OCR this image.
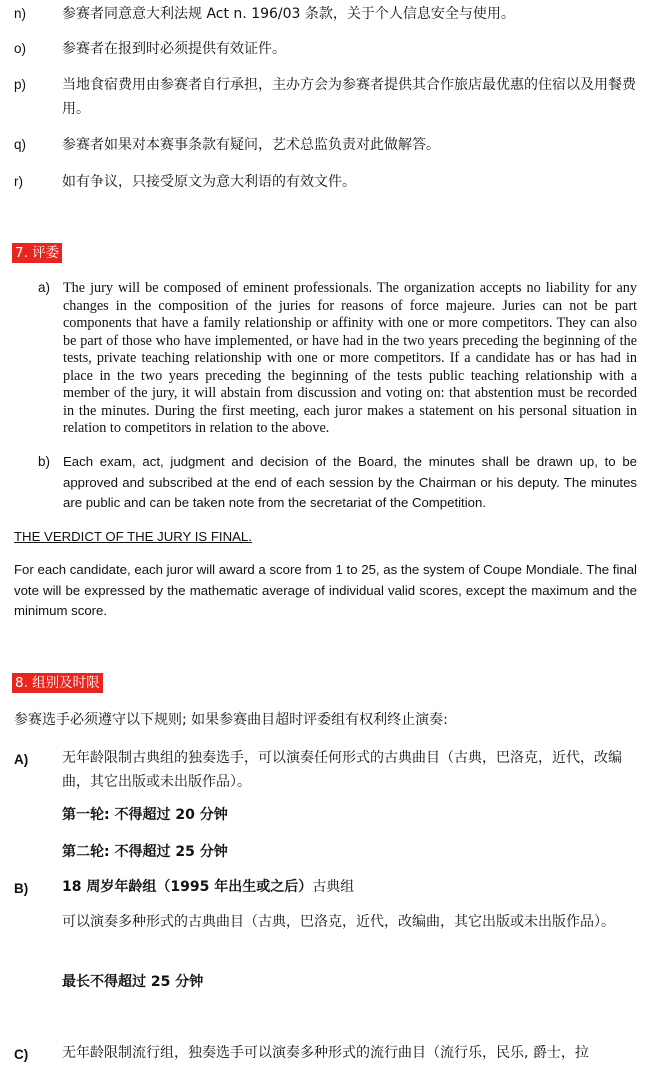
n)	参赛者同意意大利法规 Act n. 196/03 条款，关于个人信息安全与使用。
o)	参赛者在报到时必须提供有效证件。
p)	当地食宿费用由参赛者自行承担，主办方会为参赛者提供其合作旅店最优惠的住宿以及用餐费用。
q)	参赛者如果对本赛事条款有疑问，艺术总监负责对此做解答。
r)	如有争议，只接受原文为意大利语的有效文件。
7. 评委
a) The jury will be composed of eminent professionals. The organization accepts no liability for any changes in the composition of the juries for reasons of force majeure. Juries can not be part components that have a family relationship or affinity with one or more competitors. They can also be part of those who have implemented, or have had in the two years preceding the beginning of the tests, private teaching relationship with one or more competitors. If a candidate has or has had in place in the two years preceding the beginning of the tests public teaching relationship with a member of the jury, it will abstain from discussion and voting on: that abstention must be recorded in the minutes. During the first meeting, each juror makes a statement on his personal situation in relation to competitors in relation to the above.
b) Each exam, act, judgment and decision of the Board, the minutes shall be drawn up, to be approved and subscribed at the end of each session by the Chairman or his deputy. The minutes are public and can be taken note from the secretariat of the Competition.
THE VERDICT OF THE JURY IS FINAL.
For each candidate, each juror will award a score from 1 to 25, as the system of Coupe Mondiale. The final vote will be expressed by the mathematic average of individual valid scores, except the maximum and the minimum score.
8. 组别及时限
参赛选手必须遵守以下规则; 如果参赛曲目超时评委组有权利终止演奏:
A) 无年龄限制古典组的独奏选手，可以演奏任何形式的古典曲目（古典，巴洛克，近代，改编曲，其它出版或未出版作品）。
第一轮: 不得超过 20 分钟
第二轮: 不得超过 25 分钟
B) 18 周岁年龄组（1995 年出生或之后）古典组
可以演奏多种形式的古典曲目（古典，巴洛克，近代，改编曲，其它出版或未出版作品）。
最长不得超过 25 分钟
C) 无年龄限制流行组，独奏选手可以演奏多种形式的流行曲目（流行乐，民乐, 爵士，拉
